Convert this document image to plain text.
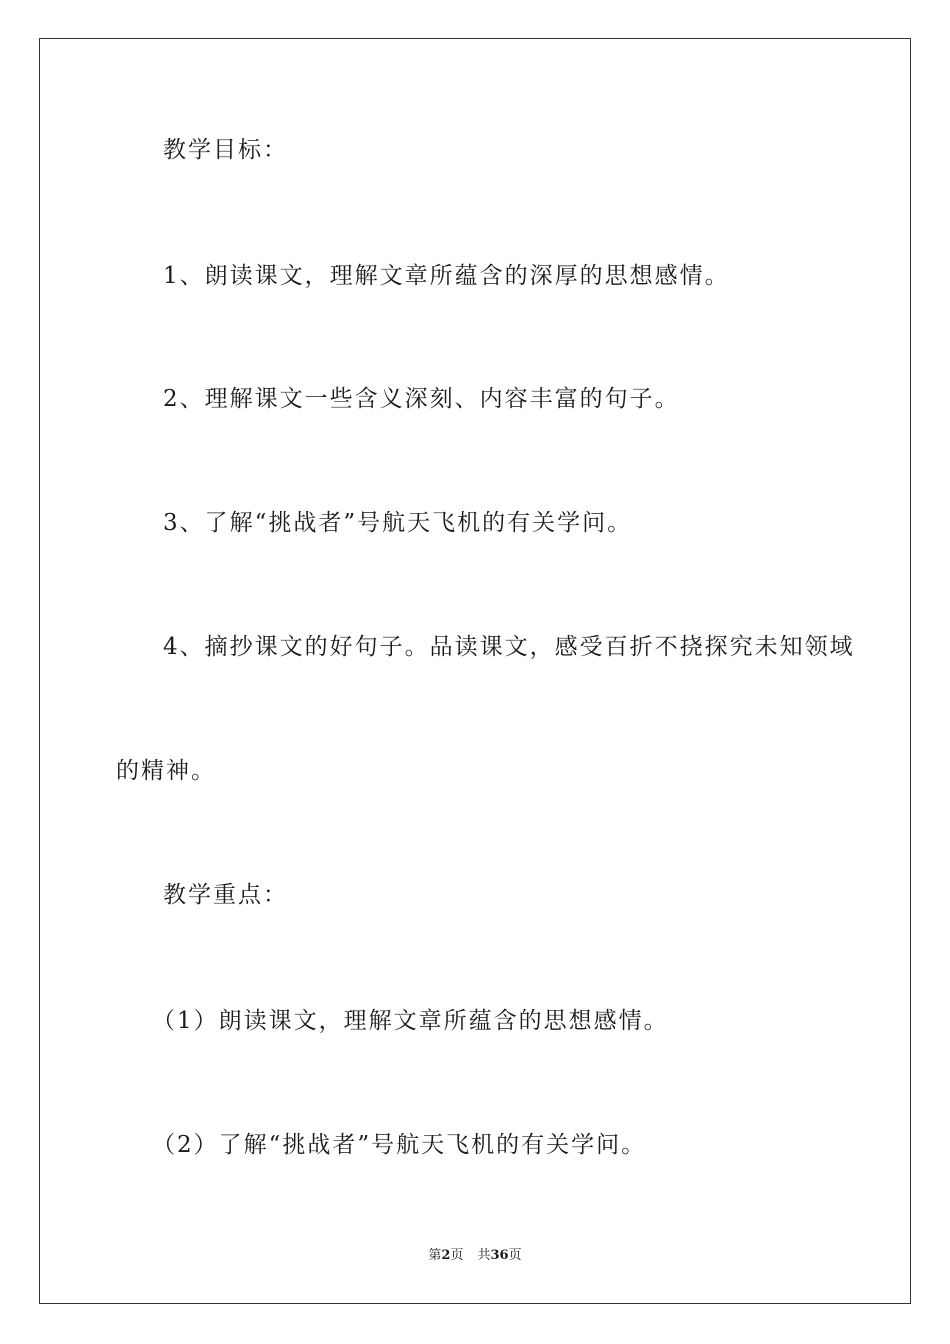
教学目标：
1、朗读课文，理解文章所蕴含的深厚的思想感情。
2、理解课文一些含义深刻、内容丰富的句子。
3、了解“挑战者”号航天飞机的有关学问。
4、摘抄课文的好句子。品读课文，感受百折不挠探究未知领域
的精神。
教学重点：
（1）朗读课文，理解文章所蕴含的思想感情。
（2）了解“挑战者”号航天飞机的有关学问。
第2页 共36页
